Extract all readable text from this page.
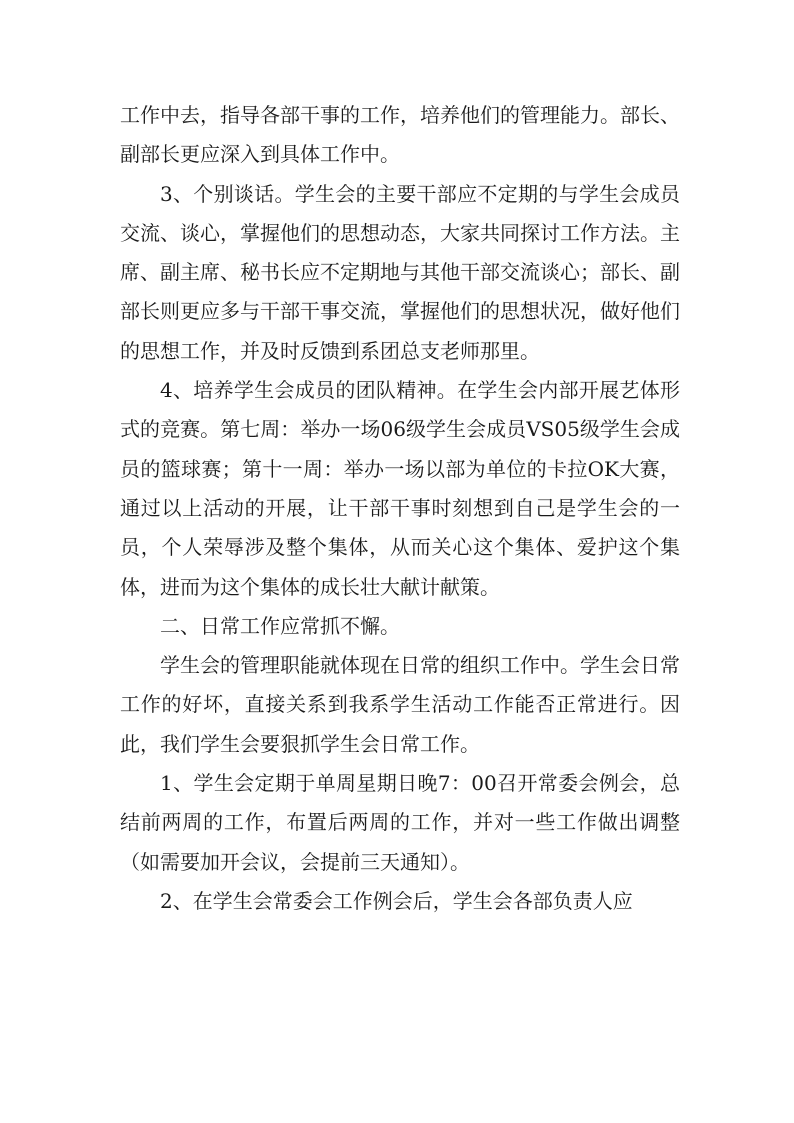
工作中去，指导各部干事的工作，培养他们的管理能力。部长、副部长更应深入到具体工作中。

3、个别谈话。学生会的主要干部应不定期的与学生会成员交流、谈心，掌握他们的思想动态，大家共同探讨工作方法。主席、副主席、秘书长应不定期地与其他干部交流谈心；部长、副部长则更应多与干部干事交流，掌握他们的思想状况，做好他们的思想工作，并及时反馈到系团总支老师那里。

4、培养学生会成员的团队精神。在学生会内部开展艺体形式的竞赛。第七周：举办一场06级学生会成员VS05级学生会成员的篮球赛；第十一周：举办一场以部为单位的卡拉OK大赛，通过以上活动的开展，让干部干事时刻想到自己是学生会的一员，个人荣辱涉及整个集体，从而关心这个集体、爱护这个集体，进而为这个集体的成长壮大献计献策。

二、日常工作应常抓不懈。

学生会的管理职能就体现在日常的组织工作中。学生会日常工作的好坏，直接关系到我系学生活动工作能否正常进行。因此，我们学生会要狠抓学生会日常工作。

1、学生会定期于单周星期日晚7：00召开常委会例会，总结前两周的工作，布置后两周的工作，并对一些工作做出调整（如需要加开会议，会提前三天通知）。

2、在学生会常委会工作例会后，学生会各部负责人应
